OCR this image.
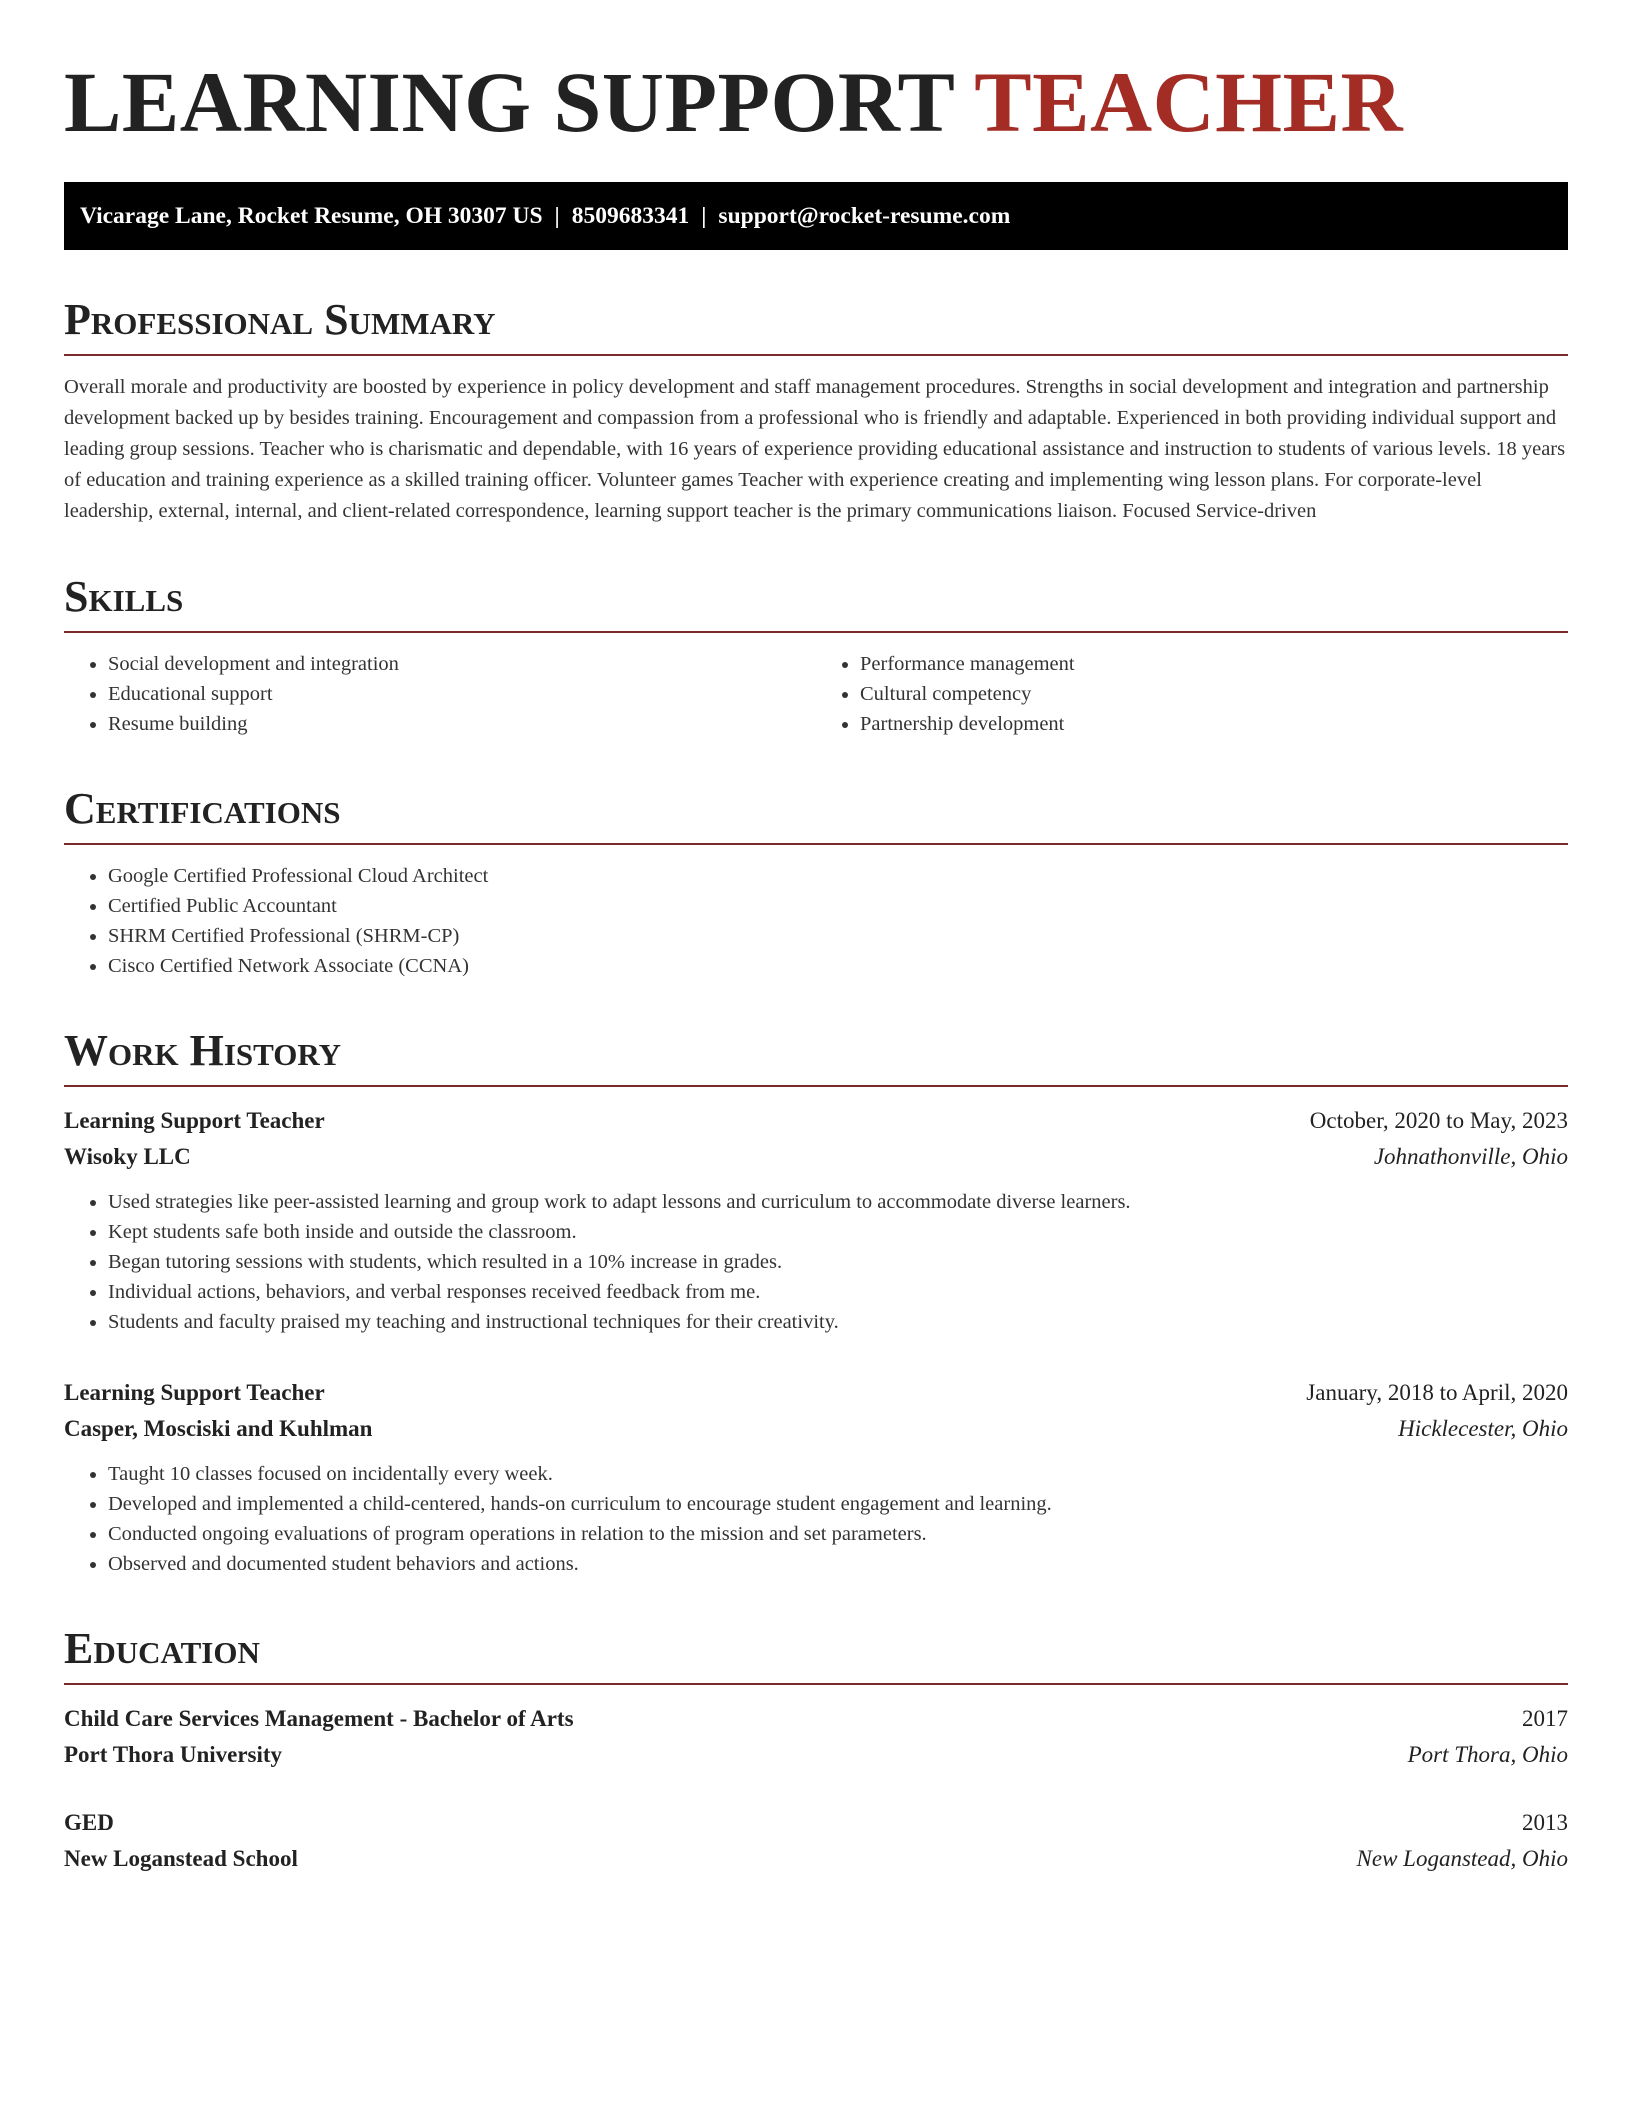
LEARNING SUPPORT TEACHER
Vicarage Lane, Rocket Resume, OH 30307 US | 8509683341 | support@rocket-resume.com
Professional Summary

Overall morale and productivity are boosted by experience in policy development and staff management procedures. Strengths in social development and integration and partnership development backed up by besides training. Encouragement and compassion from a professional who is friendly and adaptable. Experienced in both providing individual support and leading group sessions. Teacher who is charismatic and dependable, with 16 years of experience providing educational assistance and instruction to students of various levels. 18 years of education and training experience as a skilled training officer. Volunteer games Teacher with experience creating and implementing wing lesson plans. For corporate-level leadership, external, internal, and client-related correspondence, learning support teacher is the primary communications liaison. Focused Service-driven

Skills
• Social development and integration
• Educational support
• Resume building
• Performance management
• Cultural competency
• Partnership development
Certifications
• Google Certified Professional Cloud Architect
• Certified Public Accountant
• SHRM Certified Professional (SHRM-CP)
• Cisco Certified Network Associate (CCNA)
Work History
Learning Support Teacher	October, 2020 to May, 2023
Wisoky LLC	Johnathonville, Ohio
• Used strategies like peer-assisted learning and group work to adapt lessons and curriculum to accommodate diverse learners.
• Kept students safe both inside and outside the classroom.
• Began tutoring sessions with students, which resulted in a 10% increase in grades.
• Individual actions, behaviors, and verbal responses received feedback from me.
• Students and faculty praised my teaching and instructional techniques for their creativity.
Learning Support Teacher	January, 2018 to April, 2020
Casper, Mosciski and Kuhlman	Hicklecester, Ohio
• Taught 10 classes focused on incidentally every week.
• Developed and implemented a child-centered, hands-on curriculum to encourage student engagement and learning.
• Conducted ongoing evaluations of program operations in relation to the mission and set parameters.
• Observed and documented student behaviors and actions.
Education
Child Care Services Management - Bachelor of Arts	2017
Port Thora University	Port Thora, Ohio
GED	2013
New Loganstead School	New Loganstead, Ohio
